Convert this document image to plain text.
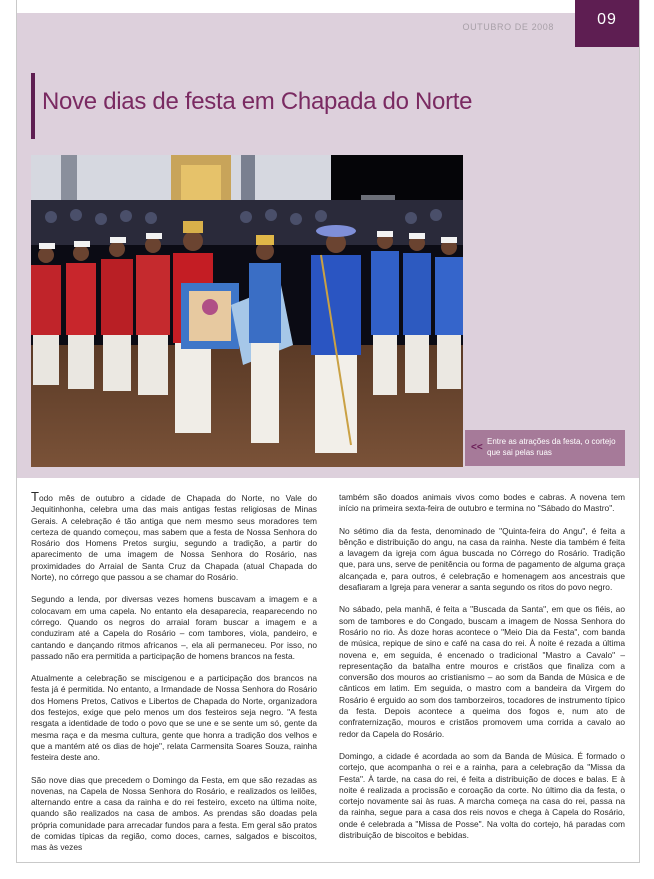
OUTUBRO DE 2008	09
Nove dias de festa em Chapada do Norte
<<
Entre as atrações da festa, o cortejo que sai pelas ruas

Todo mês de outubro a cidade de Chapada do Norte, no Vale do Jequitinhonha, celebra uma das mais antigas festas religiosas de Minas Gerais. A celebração é tão antiga que nem mesmo seus moradores tem certeza de quando começou, mas sabem que a festa de Nossa Senhora do Rosário dos Homens Pretos surgiu, segundo a tradição, a partir do aparecimento de uma imagem de Nossa Senhora do Rosário, nas proximidades do Arraial de Santa Cruz da Chapada (atual Chapada do Norte), no córrego que passou a se chamar do Rosário.

Segundo a lenda, por diversas vezes homens buscavam a imagem e a colocavam em uma capela. No entanto ela desaparecia, reaparecendo no córrego. Quando os negros do arraial foram buscar a imagem e a conduziram até a Capela do Rosário – com tambores, viola, pandeiro, e cantando e dançando ritmos africanos –, ela ali permaneceu. Por isso, no passado não era permitida a participação de homens brancos na festa.

Atualmente a celebração se miscigenou e a participação dos brancos na festa já é permitida. No entanto, a Irmandade de Nossa Senhora do Rosário dos Homens Pretos, Cativos e Libertos de Chapada do Norte, organizadora dos festejos, exige que pelo menos um dos festeiros seja negro. "A festa resgata a identidade de todo o povo que se une e se sente um só, gente da mesma raça e da mesma cultura, gente que honra a tradição dos velhos e que a mantém até os dias de hoje", relata Carmensita Soares Souza, rainha festeira deste ano.

São nove dias que precedem o Domingo da Festa, em que são rezadas as novenas, na Capela de Nossa Senhora do Rosário, e realizados os leilões, alternando entre a casa da rainha e do rei festeiro, exceto na última noite, quando são realizados na casa de ambos. As prendas são doadas pela própria comunidade para arrecadar fundos para a festa. Em geral são pratos de comidas típicas da região, como doces, carnes, salgados e biscoitos, mas às vezes

também são doados animais vivos como bodes e cabras. A novena tem início na primeira sexta-feira de outubro e termina no "Sábado do Mastro".

No sétimo dia da festa, denominado de "Quinta-feira do Angu", é feita a bênção e distribuição do angu, na casa da rainha. Neste dia também é feita a lavagem da igreja com água buscada no Córrego do Rosário. Tradição que, para uns, serve de penitência ou forma de pagamento de alguma graça alcançada e, para outros, é celebração e homenagem aos ancestrais que desafiaram a Igreja para venerar a santa segundo os ritos do povo negro.

No sábado, pela manhã, é feita a "Buscada da Santa", em que os fiéis, ao som de tambores e do Congado, buscam a imagem de Nossa Senhora do Rosário no rio. Às doze horas acontece o "Meio Dia da Festa", com banda de música, repique de sino e café na casa do rei. À noite é rezada a última novena e, em seguida, é encenado o tradicional "Mastro a Cavalo" – representação da batalha entre mouros e cristãos que finaliza com a conversão dos mouros ao cristianismo – ao som da Banda de Música e de cânticos em latim. Em seguida, o mastro com a bandeira da Virgem do Rosário é erguido ao som dos tamborzeiros, tocadores de instrumento típico da festa. Depois acontece a queima dos fogos e, num ato de confraternização, mouros e cristãos promovem uma corrida a cavalo ao redor da Capela do Rosário.

Domingo, a cidade é acordada ao som da Banda de Música. É formado o cortejo, que acompanha o rei e a rainha, para a celebração da "Missa da Festa". À tarde, na casa do rei, é feita a distribuição de doces e balas. E à noite é realizada a procissão e coroação da corte. No último dia da festa, o cortejo novamente sai às ruas. A marcha começa na casa do rei, passa na da rainha, segue para a casa dos reis novos e chega à Capela do Rosário, onde é celebrada a "Missa de Posse". Na volta do cortejo, há paradas com distribuição de biscoitos e bebidas.
